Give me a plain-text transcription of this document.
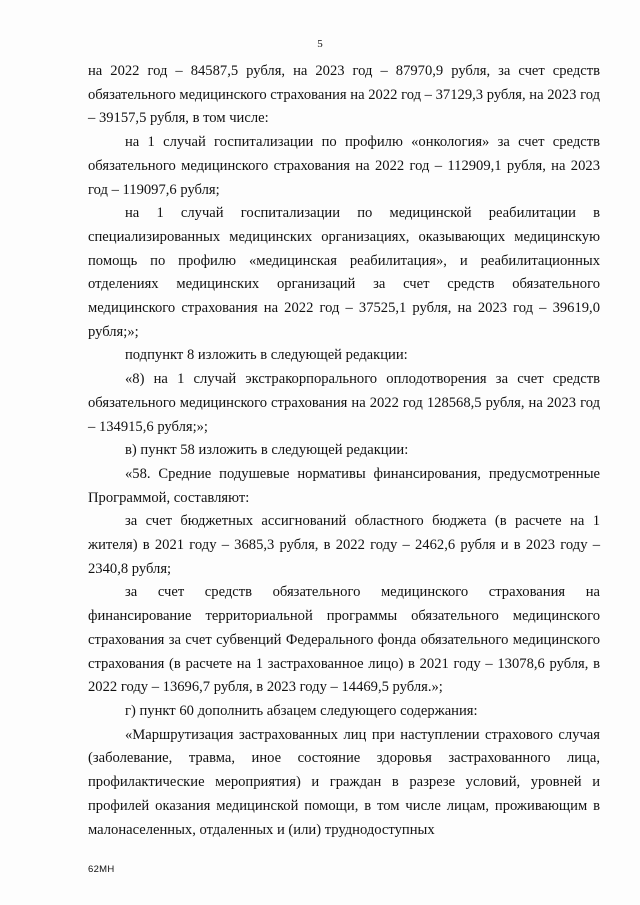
5

на 2022 год – 84587,5 рубля, на 2023 год – 87970,9 рубля, за счет средств обязательного медицинского страхования на 2022 год – 37129,3 рубля, на 2023 год – 39157,5 рубля, в том числе:

на 1 случай госпитализации по профилю «онкология» за счет средств обязательного медицинского страхования на 2022 год – 112909,1 рубля, на 2023 год – 119097,6 рубля;

на 1 случай госпитализации по медицинской реабилитации в специализированных медицинских организациях, оказывающих медицинскую помощь по профилю «медицинская реабилитация», и реабилитационных отделениях медицинских организаций за счет средств обязательного медицинского страхования на 2022 год – 37525,1 рубля, на 2023 год – 39619,0 рубля;»;

подпункт 8 изложить в следующей редакции:

«8) на 1 случай экстракорпорального оплодотворения за счет средств обязательного медицинского страхования на 2022 год 128568,5 рубля, на 2023 год – 134915,6 рубля;»;

в) пункт 58 изложить в следующей редакции:

«58. Средние подушевые нормативы финансирования, предусмотренные Программой, составляют:

за счет бюджетных ассигнований областного бюджета (в расчете на 1 жителя) в 2021 году – 3685,3 рубля, в 2022 году – 2462,6 рубля и в 2023 году – 2340,8 рубля;

за счет средств обязательного медицинского страхования на финансирование территориальной программы обязательного медицинского страхования за счет субвенций Федерального фонда обязательного медицинского страхования (в расчете на 1 застрахованное лицо) в 2021 году – 13078,6 рубля, в 2022 году – 13696,7 рубля, в 2023 году – 14469,5 рубля.»;

г) пункт 60 дополнить абзацем следующего содержания:

«Маршрутизация застрахованных лиц при наступлении страхового случая (заболевание, травма, иное состояние здоровья застрахованного лица, профилактические мероприятия) и граждан в разрезе условий, уровней и профилей оказания медицинской помощи, в том числе лицам, проживающим в малонаселенных, отдаленных и (или) труднодоступных

62МН
